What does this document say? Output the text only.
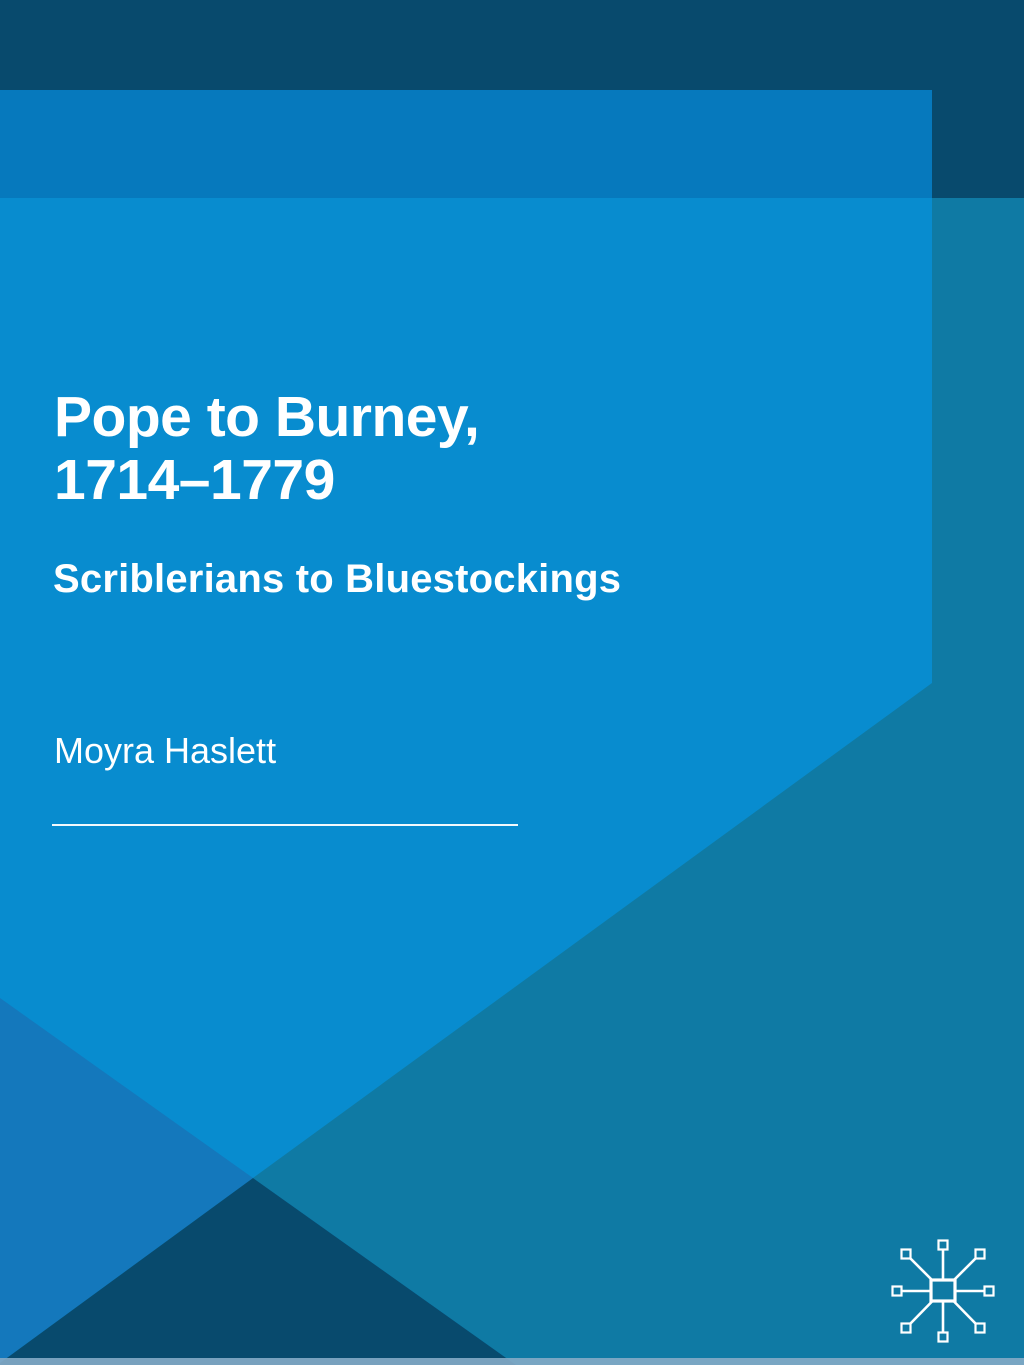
Pope to Burney,
1714–1779
Scriblerians to Bluestockings

Moyra Haslett
